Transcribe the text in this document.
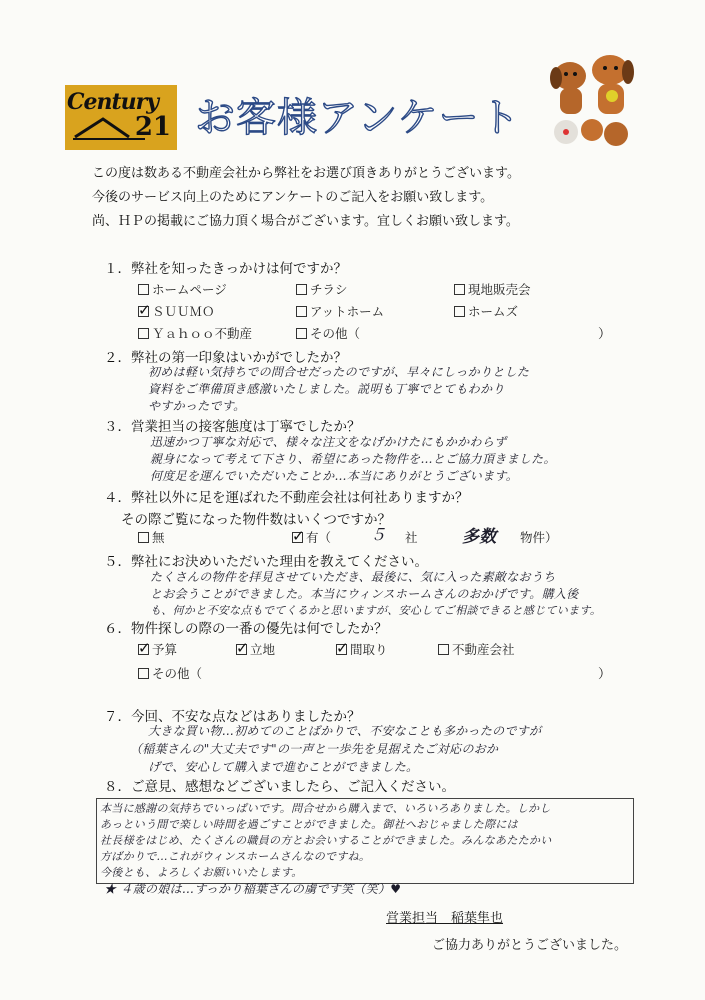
Century
21 お客様アンケート
この度は数ある不動産会社から弊社をお選び頂きありがとうございます。
今後のサービス向上のためにアンケートのご記入をお願い致します。
尚、ＨＰの掲載にご協力頂く場合がございます。宜しくお願い致します。
１．弊社を知ったきっかけは何ですか？
ホームページ	チラシ	現地販売会
✓ ＳＵＵＭＯ	アットホーム	ホームズ
Ｙａｈｏｏ不動産	その他（	）
２．弊社の第一印象はいかがでしたか？
初めは軽い気持ちでの問合せだったのですが、早々にしっかりとした
資料をご準備頂き感激いたしました。説明も丁寧でとてもわかり
やすかったです。
３．営業担当の接客態度は丁寧でしたか？
迅速かつ丁寧な対応で、様々な注文をなげかけたにもかかわらず
親身になって考えて下さり、希望にあった物件を…とご協力頂きました。
何度足を運んでいただいたことか…本当にありがとうございます。
４．弊社以外に足を運ばれた不動産会社は何社ありますか？
その際ご覧になった物件数はいくつですか？
無	✓ 有（ ５ 社	多数 物件）
５．弊社にお決めいただいた理由を教えてください。
たくさんの物件を拝見させていただき、最後に、気に入った素敵なおうち
とお会うことができました。本当にウィンスホームさんのおかげです。購入後
も、何かと不安な点もでてくるかと思いますが、安心してご相談できると感じています。
６．物件探しの際の一番の優先は何でしたか？
✓ 予算	✓ 立地	✓ 間取り	不動産会社
その他（	）
７．今回、不安な点などはありましたか？
大きな買い物…初めてのことばかりで、不安なことも多かったのですが
（稲葉さんの"大丈夫です"の一声と一歩先を見据えたご対応のおか
げで、安心して購入まで進むことができました。
８．ご意見、感想などございましたら、ご記入ください。
本当に感謝の気持ちでいっぱいです。問合せから購入まで、いろいろありました。しかし
あっという間で楽しい時間を過ごすことができました。御社へおじゃました際には
社長様をはじめ、たくさんの職員の方とお会いすることができました。みんなあたたかい
方ばかりで…これがウィンスホームさんなのですね。
今後とも、よろしくお願いいたします。
★ ４歳の娘は…すっかり稲葉さんの虜です笑（笑）♥
営業担当　稲葉隼也
ご協力ありがとうございました。
